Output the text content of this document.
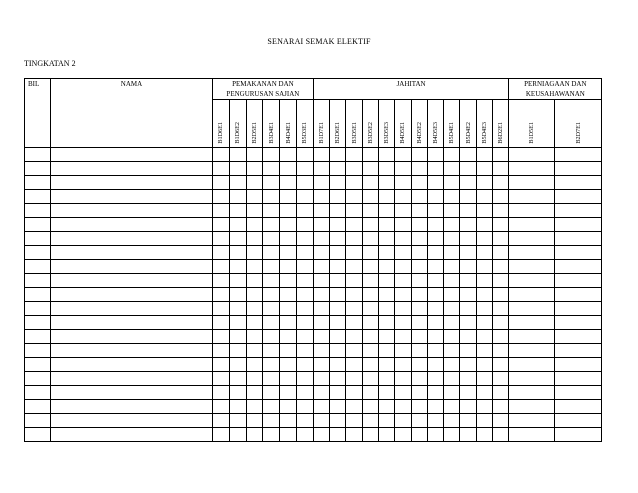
SENARAI SEMAK ELEKTIF
TINGKATAN 2
BIL	NAMA	PEMAKANAN DAN PENGURUSAN SAJIAN						JAHITAN												PERNIAGAAN DAN KEUSAHAWANAN	

		B1D6E1	B1D6E2	B2D5E1	B3D4E1	B4D4E1	B5D3E1	B1D7E1	B2D6E1	B3D5E1	B3D5E2	B3D5E3	B4D5E1	B4D5E2	B4D5E3	B5D4E1	B5D4E2	B5D4E3	B6D2E1	B1D5E1	B2D7E1
